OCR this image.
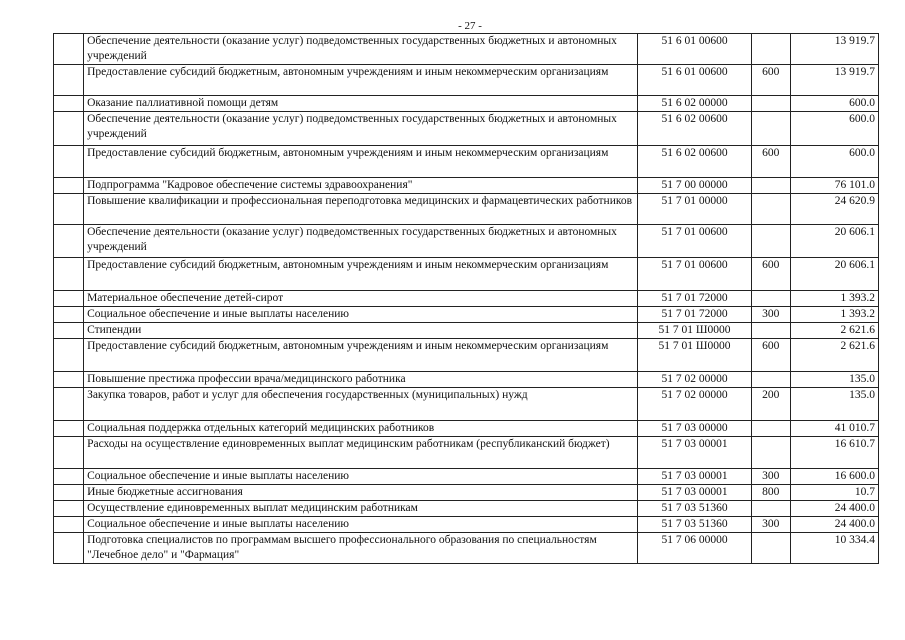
- 27 -
	Обеспечение деятельности (оказание услуг) подведомственных государственных бюджетных и автономных учреждений	51 6 01 00600		13 919.7
	Предоставление субсидий бюджетным, автономным учреждениям и иным некоммерческим организациям	51 6 01 00600	600	13 919.7
	Оказание паллиативной помощи детям	51 6 02 00000		600.0
	Обеспечение деятельности (оказание услуг) подведомственных государственных бюджетных и автономных учреждений	51 6 02 00600		600.0
	Предоставление субсидий бюджетным, автономным учреждениям и иным некоммерческим организациям	51 6 02 00600	600	600.0
	Подпрограмма "Кадровое обеспечение системы здравоохранения"	51 7 00 00000		76 101.0
	Повышение квалификации и профессиональная переподготовка медицинских и фармацевтических работников	51 7 01 00000		24 620.9
	Обеспечение деятельности (оказание услуг) подведомственных государственных бюджетных и автономных учреждений	51 7 01 00600		20 606.1
	Предоставление субсидий бюджетным, автономным учреждениям и иным некоммерческим организациям	51 7 01 00600	600	20 606.1
	Материальное обеспечение детей-сирот	51 7 01 72000		1 393.2
	Социальное обеспечение и иные выплаты населению	51 7 01 72000	300	1 393.2
	Стипендии	51 7 01 Ш0000		2 621.6
	Предоставление субсидий бюджетным, автономным учреждениям и иным некоммерческим организациям	51 7 01 Ш0000	600	2 621.6
	Повышение престижа профессии врача/медицинского работника	51 7 02 00000		135.0
	Закупка товаров, работ и услуг для обеспечения государственных (муниципальных) нужд	51 7 02 00000	200	135.0
	Социальная поддержка отдельных категорий медицинских работников	51 7 03 00000		41 010.7
	Расходы на осуществление единовременных выплат медицинским работникам (республиканский бюджет)	51 7 03 00001		16 610.7
	Социальное обеспечение и иные выплаты населению	51 7 03 00001	300	16 600.0
	Иные бюджетные ассигнования	51 7 03 00001	800	10.7
	Осуществление единовременных выплат медицинским работникам	51 7 03 51360		24 400.0
	Социальное обеспечение и иные выплаты населению	51 7 03 51360	300	24 400.0
	Подготовка специалистов по программам высшего профессионального образования по специальностям "Лечебное дело" и "Фармация"	51 7 06 00000		10 334.4
